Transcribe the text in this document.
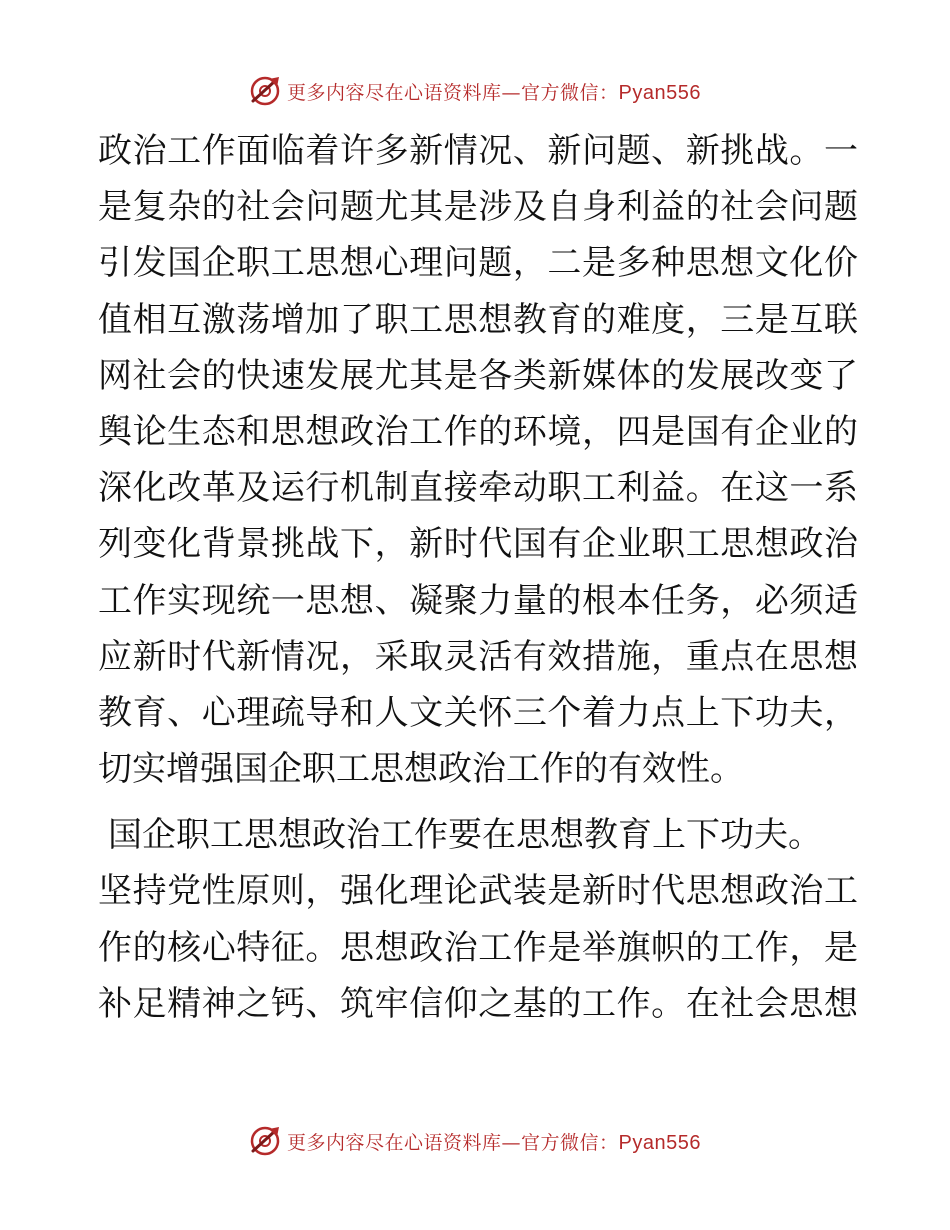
更多内容尽在心语资料库—官方微信：Pyan556
政治工作面临着许多新情况、新问题、新挑战。一
是复杂的社会问题尤其是涉及自身利益的社会问题
引发国企职工思想心理问题，二是多种思想文化价
值相互激荡增加了职工思想教育的难度，三是互联
网社会的快速发展尤其是各类新媒体的发展改变了
舆论生态和思想政治工作的环境，四是国有企业的
深化改革及运行机制直接牵动职工利益。在这一系
列变化背景挑战下，新时代国有企业职工思想政治
工作实现统一思想、凝聚力量的根本任务，必须适
应新时代新情况，采取灵活有效措施，重点在思想
教育、心理疏导和人文关怀三个着力点上下功夫，
切实增强国企职工思想政治工作的有效性。
国企职工思想政治工作要在思想教育上下功夫。
坚持党性原则，强化理论武装是新时代思想政治工
作的核心特征。思想政治工作是举旗帜的工作，是
补足精神之钙、筑牢信仰之基的工作。在社会思想
更多内容尽在心语资料库—官方微信：Pyan556
